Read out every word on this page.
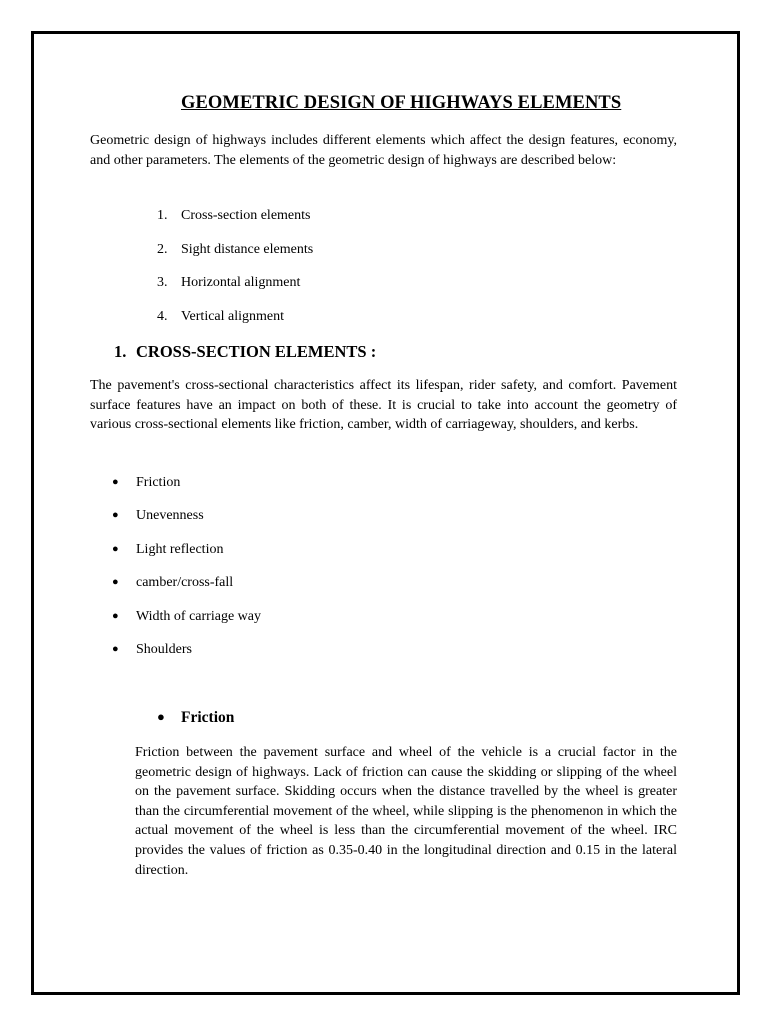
GEOMETRIC DESIGN OF HIGHWAYS ELEMENTS
Geometric design of highways includes different elements which affect the design features, economy, and other parameters. The elements of the geometric design of highways are described below:
1. Cross-section elements
2. Sight distance elements
3. Horizontal alignment
4. Vertical alignment
1. CROSS-SECTION ELEMENTS :
The pavement's cross-sectional characteristics affect its lifespan, rider safety, and comfort. Pavement surface features have an impact on both of these. It is crucial to take into account the geometry of various cross-sectional elements like friction, camber, width of carriageway, shoulders, and kerbs.
● Friction
● Unevenness
● Light reflection
● camber/cross-fall
● Width of carriage way
● Shoulders
● Friction
Friction between the pavement surface and wheel of the vehicle is a crucial factor in the geometric design of highways. Lack of friction can cause the skidding or slipping of the wheel on the pavement surface. Skidding occurs when the distance travelled by the wheel is greater than the circumferential movement of the wheel, while slipping is the phenomenon in which the actual movement of the wheel is less than the circumferential movement of the wheel. IRC provides the values of friction as 0.35-0.40 in the longitudinal direction and 0.15 in the lateral direction.
